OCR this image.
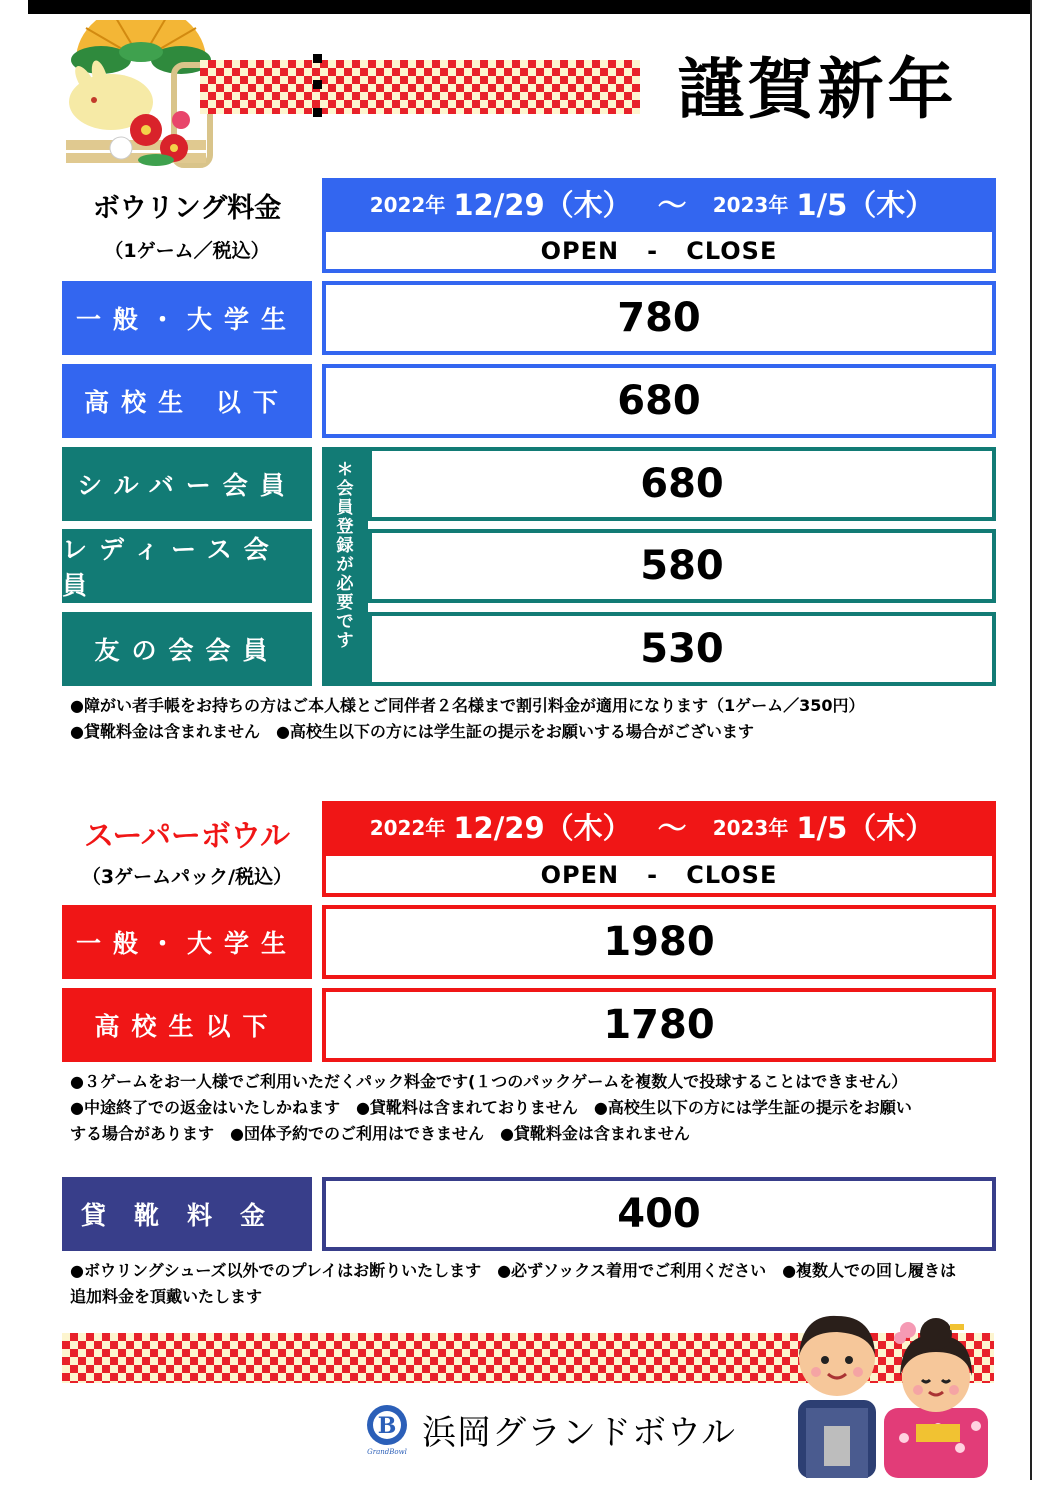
謹賀新年
ボウリング料金
（1ゲーム／税込）
2022年 12/29（木） ～ 2023年 1/5（木）
OPEN   -   CLOSE
一般・大学生	780
高校生 以下	680
シルバー会員	680
レディース会員	580
友の会会員	530
＊
会
員
登
録
が
必
要
で
す
●障がい者手帳をお持ちの方はご本人様とご同伴者２名様まで割引料金が適用になります（1ゲーム／350円）
●貸靴料金は含まれません　●高校生以下の方には学生証の提示をお願いする場合がございます
スーパーボウル
（3ゲームパック/税込）
2022年 12/29（木） ～ 2023年 1/5（木）
OPEN   -   CLOSE
一般・大学生	1980
高校生以下	1780
●３ゲームをお一人様でご利用いただくパック料金です(１つのパックゲームを複数人で投球することはできません）
●中途終了での返金はいたしかねます　●貸靴料は含まれておりません　●高校生以下の方には学生証の提示をお願い
する場合があります　●団体予約でのご利用はできません　●貸靴料金は含まれません
貸靴料金	400
●ボウリングシューズ以外でのプレイはお断りいたします　●必ずソックス着用でご利用ください　●複数人での回し履きは
追加料金を頂戴いたします
B
GrandBowl 浜岡グランドボウル
